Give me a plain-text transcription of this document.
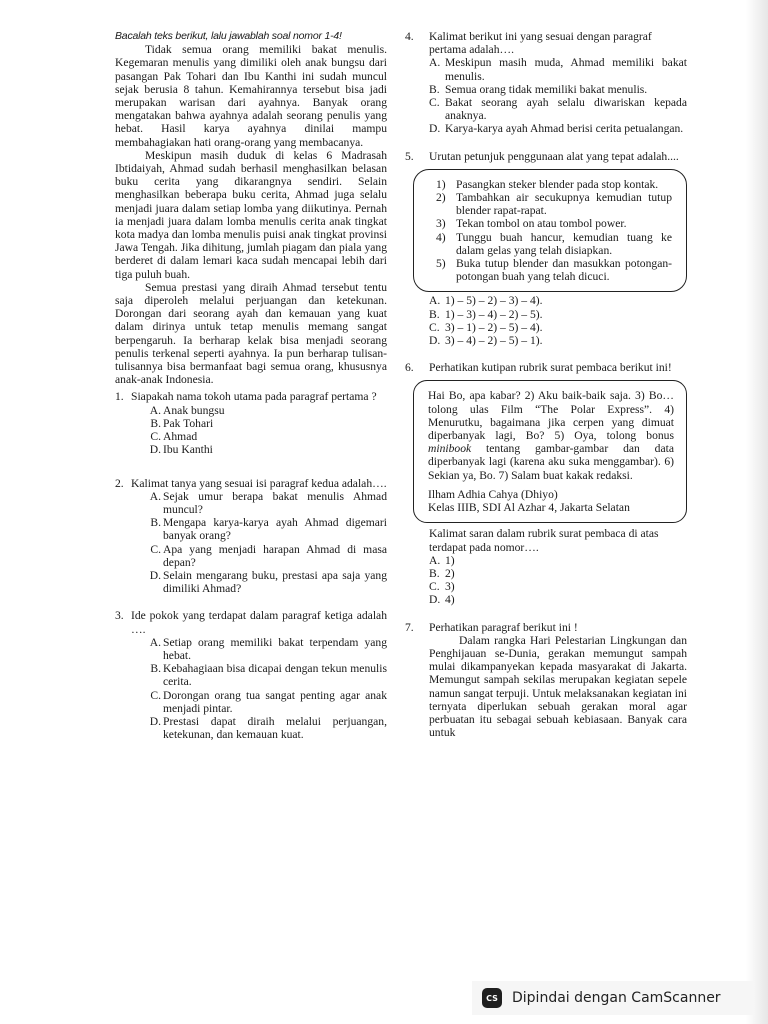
Bacalah teks berikut, lalu jawablah soal nomor 1-4!

Tidak semua orang memiliki bakat menulis. Kegemaran menulis yang dimiliki oleh anak bungsu dari pasangan Pak Tohari dan Ibu Kanthi ini sudah muncul sejak berusia 8 tahun. Kemahirannya tersebut bisa jadi merupakan warisan dari ayahnya. Banyak orang mengatakan bahwa ayahnya adalah seorang penulis yang hebat. Hasil karya ayahnya dinilai mampu membahagiakan hati orang-orang yang membacanya.

Meskipun masih duduk di kelas 6 Madrasah Ibtidaiyah, Ahmad sudah berhasil menghasilkan belasan buku cerita yang dikarangnya sendiri. Selain menghasilkan beberapa buku cerita, Ahmad juga selalu menjadi juara dalam setiap lomba yang diikutinya. Pernah ia menjadi juara dalam lomba menulis cerita anak tingkat kota madya dan lomba menulis puisi anak tingkat provinsi Jawa Tengah. Jika dihitung, jumlah piagam dan piala yang berderet di dalam lemari kaca sudah mencapai lebih dari tiga puluh buah.

Semua prestasi yang diraih Ahmad tersebut tentu saja diperoleh melalui perjuangan dan ketekunan. Dorongan dari seorang ayah dan kemauan yang kuat dalam dirinya untuk tetap menulis memang sangat berpengaruh. Ia berharap kelak bisa menjadi seorang penulis terkenal seperti ayahnya. Ia pun berharap tulisan-tulisannya bisa bermanfaat bagi semua orang, khususnya anak-anak Indonesia.

1. Siapakah nama tokoh utama pada paragraf pertama ?
A. Anak bungsu
B. Pak Tohari
C. Ahmad
D. Ibu Kanthi
2. Kalimat tanya yang sesuai isi paragraf kedua adalah….
A. Sejak umur berapa bakat menulis Ahmad muncul?
B. Mengapa karya-karya ayah Ahmad digemari banyak orang?
C. Apa yang menjadi harapan Ahmad di masa depan?
D. Selain mengarang buku, prestasi apa saja yang dimiliki Ahmad?
3. Ide pokok yang terdapat dalam paragraf ketiga adalah ….
A. Setiap orang memiliki bakat terpendam yang hebat.
B. Kebahagiaan bisa dicapai dengan tekun menulis cerita.
C. Dorongan orang tua sangat penting agar anak menjadi pintar.
D. Prestasi dapat diraih melalui perjuangan, ketekunan, dan kemauan kuat.
4. Kalimat berikut ini yang sesuai dengan paragraf pertama adalah….
A. Meskipun masih muda, Ahmad memiliki bakat menulis.
B. Semua orang tidak memiliki bakat menulis.
C. Bakat seorang ayah selalu diwariskan kepada anaknya.
D. Karya-karya ayah Ahmad berisi cerita petualangan.
5. Urutan petunjuk penggunaan alat yang tepat adalah....
1) Pasangkan steker blender pada stop kontak.
2) Tambahkan air secukupnya kemudian tutup blender rapat-rapat.
3) Tekan tombol on atau tombol power.
4) Tunggu buah hancur, kemudian tuang ke dalam gelas yang telah disiapkan.
5) Buka tutup blender dan masukkan potongan-potongan buah yang telah dicuci.
A. 1) – 5) – 2) – 3) – 4).
B. 1) – 3) – 4) – 2) – 5).
C. 3) – 1) – 2) – 5) – 4).
D. 3) – 4) – 2) – 5) – 1).
6. Perhatikan kutipan rubrik surat pembaca berikut ini!

Hai Bo, apa kabar? 2) Aku baik-baik saja. 3) Bo… tolong ulas Film “The Polar Express”. 4) Menurutku, bagaimana jika cerpen yang dimuat diperbanyak lagi, Bo? 5) Oya, tolong bonus minibook tentang gambar-gambar dan data diperbanyak lagi (karena aku suka menggambar). 6) Sekian ya, Bo. 7) Salam buat kakak redaksi.

Ilham Adhia Cahya (Dhiyo)
Kelas IIIB, SDI Al Azhar 4, Jakarta Selatan
Kalimat saran dalam rubrik surat pembaca di atas terdapat pada nomor….
A. 1)
B. 2)
C. 3)
D. 4)
7. Perhatikan paragraf berikut ini !

Dalam rangka Hari Pelestarian Lingkungan dan Penghijauan se-Dunia, gerakan memungut sampah mulai dikampanyekan kepada masyarakat di Jakarta. Memungut sampah sekilas merupakan kegiatan sepele namun sangat terpuji. Untuk melaksanakan kegiatan ini ternyata diperlukan sebuah gerakan moral agar perbuatan itu sebagai sebuah kebiasaan. Banyak cara untuk

CS Dipindai dengan CamScanner
